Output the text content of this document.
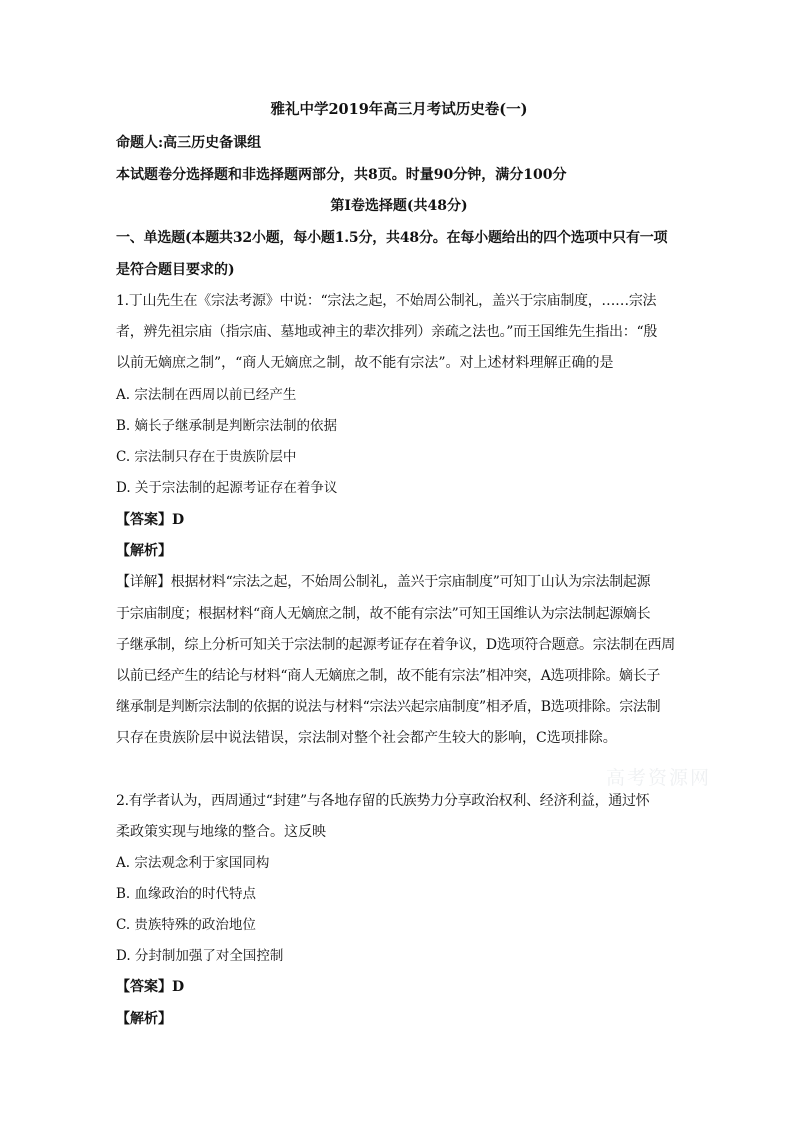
雅礼中学2019年高三月考试历史卷(一)
命题人:高三历史备课组
本试题卷分选择题和非选择题两部分，共8页。时量90分钟，满分100分
第Ⅰ卷选择题(共48分)
一、单选题(本题共32小题，每小题1.5分，共48分。在每小题给出的四个选项中只有一项
是符合题目要求的)
1.丁山先生在《宗法考源》中说：“宗法之起，不始周公制礼，盖兴于宗庙制度，……宗法
者，辨先祖宗庙（指宗庙、墓地或神主的辈次排列）亲疏之法也。”而王国维先生指出：“殷
以前无嫡庶之制”，“商人无嫡庶之制，故不能有宗法”。对上述材料理解正确的是
A. 宗法制在西周以前已经产生
B. 嫡长子继承制是判断宗法制的依据
C. 宗法制只存在于贵族阶层中
D. 关于宗法制的起源考证存在着争议
【答案】D
【解析】
【详解】根据材料“宗法之起，不始周公制礼，盖兴于宗庙制度”可知丁山认为宗法制起源
于宗庙制度；根据材料“商人无嫡庶之制，故不能有宗法”可知王国维认为宗法制起源嫡长
子继承制，综上分析可知关于宗法制的起源考证存在着争议，D选项符合题意。宗法制在西周
以前已经产生的结论与材料“商人无嫡庶之制，故不能有宗法”相冲突，A选项排除。嫡长子
继承制是判断宗法制的依据的说法与材料“宗法兴起宗庙制度”相矛盾，B选项排除。宗法制
只存在贵族阶层中说法错误，宗法制对整个社会都产生较大的影响，C选项排除。
高考资源网
2.有学者认为，西周通过“封建”与各地存留的氏族势力分享政治权利、经济利益，通过怀
柔政策实现与地缘的整合。这反映
A. 宗法观念利于家国同构
B. 血缘政治的时代特点
C. 贵族特殊的政治地位
D. 分封制加强了对全国控制
【答案】D
【解析】
